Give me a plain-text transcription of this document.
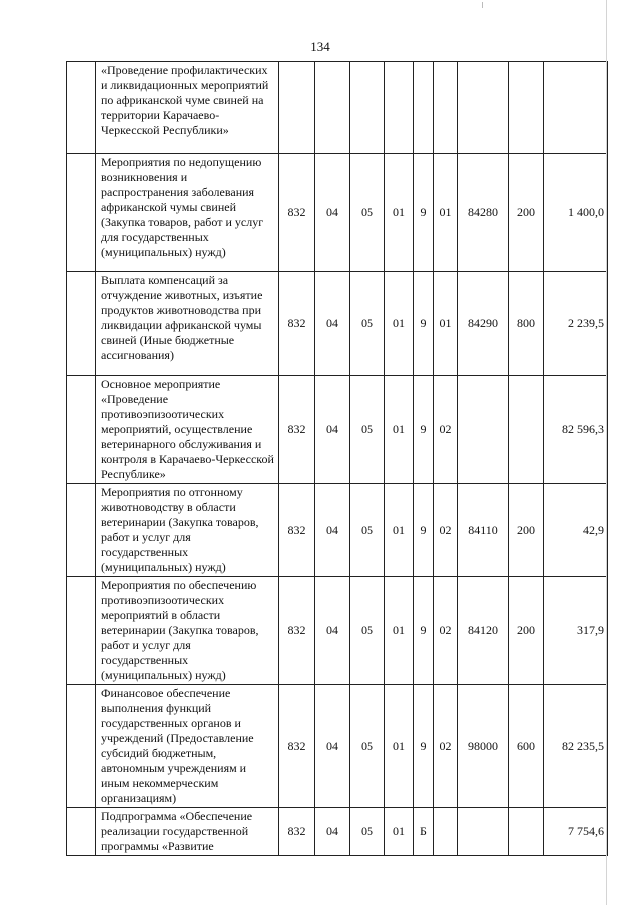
134
	«Проведение профилактических и ликвидационных мероприятий по африканской чуме свиней на территории Карачаево-Черкесской Республики»									
	Мероприятия по недопущению возникновения и распространения заболевания африканской чумы свиней (Закупка товаров, работ и услуг для государственных (муниципальных) нужд)	832	04	05	01	9	01	84280	200	1 400,0
	Выплата компенсаций за отчуждение животных, изъятие продуктов животноводства при ликвидации африканской чумы свиней (Иные бюджетные ассигнования)	832	04	05	01	9	01	84290	800	2 239,5
	Основное мероприятие «Проведение противоэпизоотических мероприятий, осуществление ветеринарного обслуживания и контроля в Карачаево-Черкесской Республике»	832	04	05	01	9	02			82 596,3
	Мероприятия по отгонному животноводству в области ветеринарии (Закупка товаров, работ и услуг для государственных (муниципальных) нужд)	832	04	05	01	9	02	84110	200	42,9
	Мероприятия по обеспечению противоэпизоотических мероприятий в области ветеринарии (Закупка товаров, работ и услуг для государственных (муниципальных) нужд)	832	04	05	01	9	02	84120	200	317,9
	Финансовое обеспечение выполнения функций государственных органов и учреждений (Предоставление субсидий бюджетным, автономным учреждениям и иным некоммерческим организациям)	832	04	05	01	9	02	98000	600	82 235,5
	Подпрограмма «Обеспечение реализации государственной программы «Развитие	832	04	05	01	Б				7 754,6
